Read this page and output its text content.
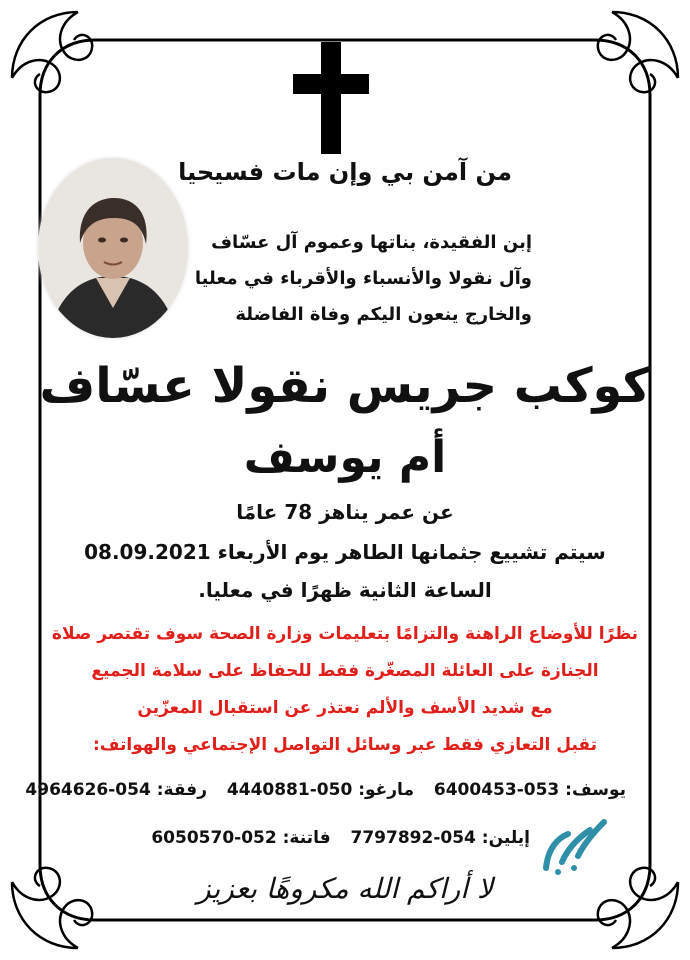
من آمن بي وإن مات فسيحيا
إبن الفقيدة، بناتها وعموم آل عسّاف
وآل نقولا والأنسباء والأقرباء في معليا
والخارج ينعون اليكم وفاة الفاضلة
كوكب جريس نقولا عسّاف
أم يوسف
عن عمر يناهز 78 عامًا
سيتم تشييع جثمانها الطاهر يوم الأربعاء 08.09.2021
الساعة الثانية ظهرًا في معليا.
نظرًا للأوضاع الراهنة والتزامًا بتعليمات وزارة الصحة سوف تقتصر صلاة
الجنازة على العائلة المصغّرة فقط للحفاظ على سلامة الجميع
مع شديد الأسف والألم نعتذر عن استقبال المعزّين
تقبل التعازي فقط عبر وسائل التواصل الإجتماعي والهواتف:
يوسف: 053-6400453 مارغو: 050-4440881 رفقة: 054-4964626
إيلين: 054-7797892 فاتنة: 052-6050570
لا أراكم الله مكروهًا بعزيز
